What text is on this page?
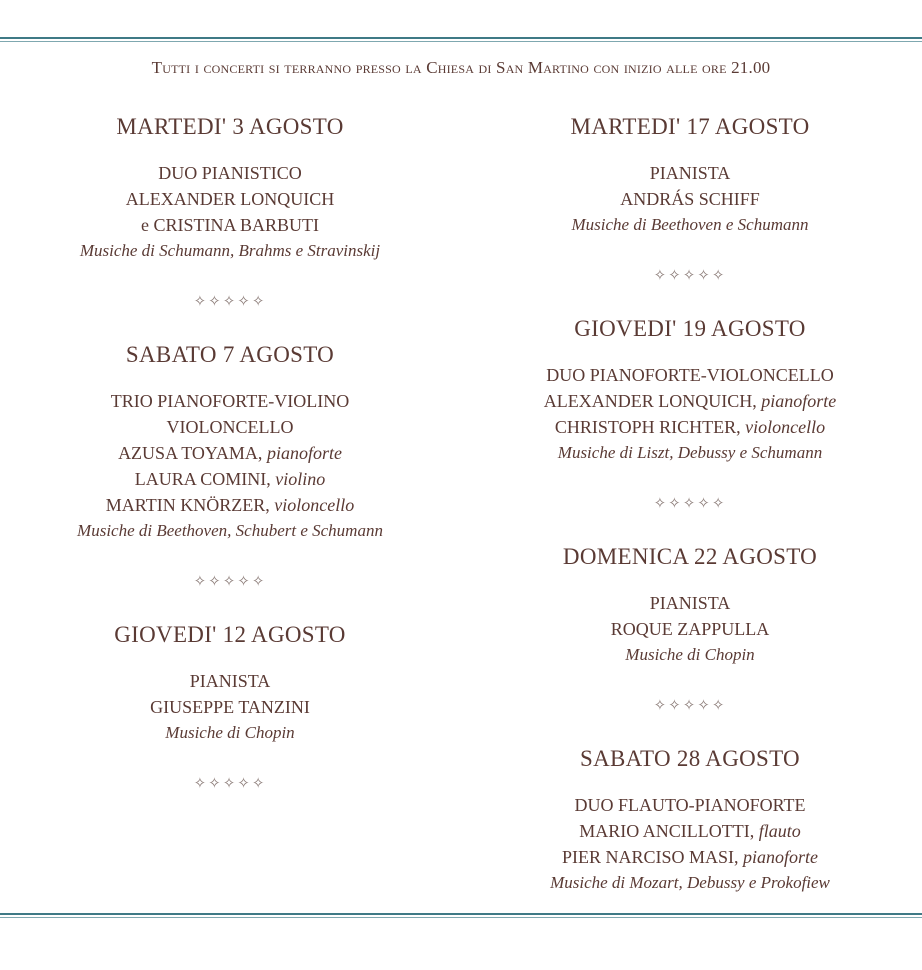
Tutti i concerti si terranno presso la Chiesa di San Martino con inizio alle ore 21.00
MARTEDI' 3 AGOSTO
DUO PIANISTICO
ALEXANDER LONQUICH
e CRISTINA BARBUTI
Musiche di Schumann, Brahms e Stravinskij
✧✧✧✧✧
SABATO 7 AGOSTO
TRIO PIANOFORTE-VIOLINO
VIOLONCELLO
AZUSA TOYAMA, pianoforte
LAURA COMINI, violino
MARTIN KNÖRZER, violoncello
Musiche di Beethoven, Schubert e Schumann
✧✧✧✧✧
GIOVEDI' 12 AGOSTO
PIANISTA
GIUSEPPE TANZINI
Musiche di Chopin
✧✧✧✧✧
MARTEDI' 17 AGOSTO
PIANISTA
ANDRÁS SCHIFF
Musiche di Beethoven e Schumann
✧✧✧✧✧
GIOVEDI' 19 AGOSTO
DUO PIANOFORTE-VIOLONCELLO
ALEXANDER LONQUICH, pianoforte
CHRISTOPH RICHTER, violoncello
Musiche di Liszt, Debussy e Schumann
✧✧✧✧✧
DOMENICA 22 AGOSTO
PIANISTA
ROQUE ZAPPULLA
Musiche di Chopin
✧✧✧✧✧
SABATO 28 AGOSTO
DUO FLAUTO-PIANOFORTE
MARIO ANCILLOTTI, flauto
PIER NARCISO MASI, pianoforte
Musiche di Mozart, Debussy e Prokofiew
